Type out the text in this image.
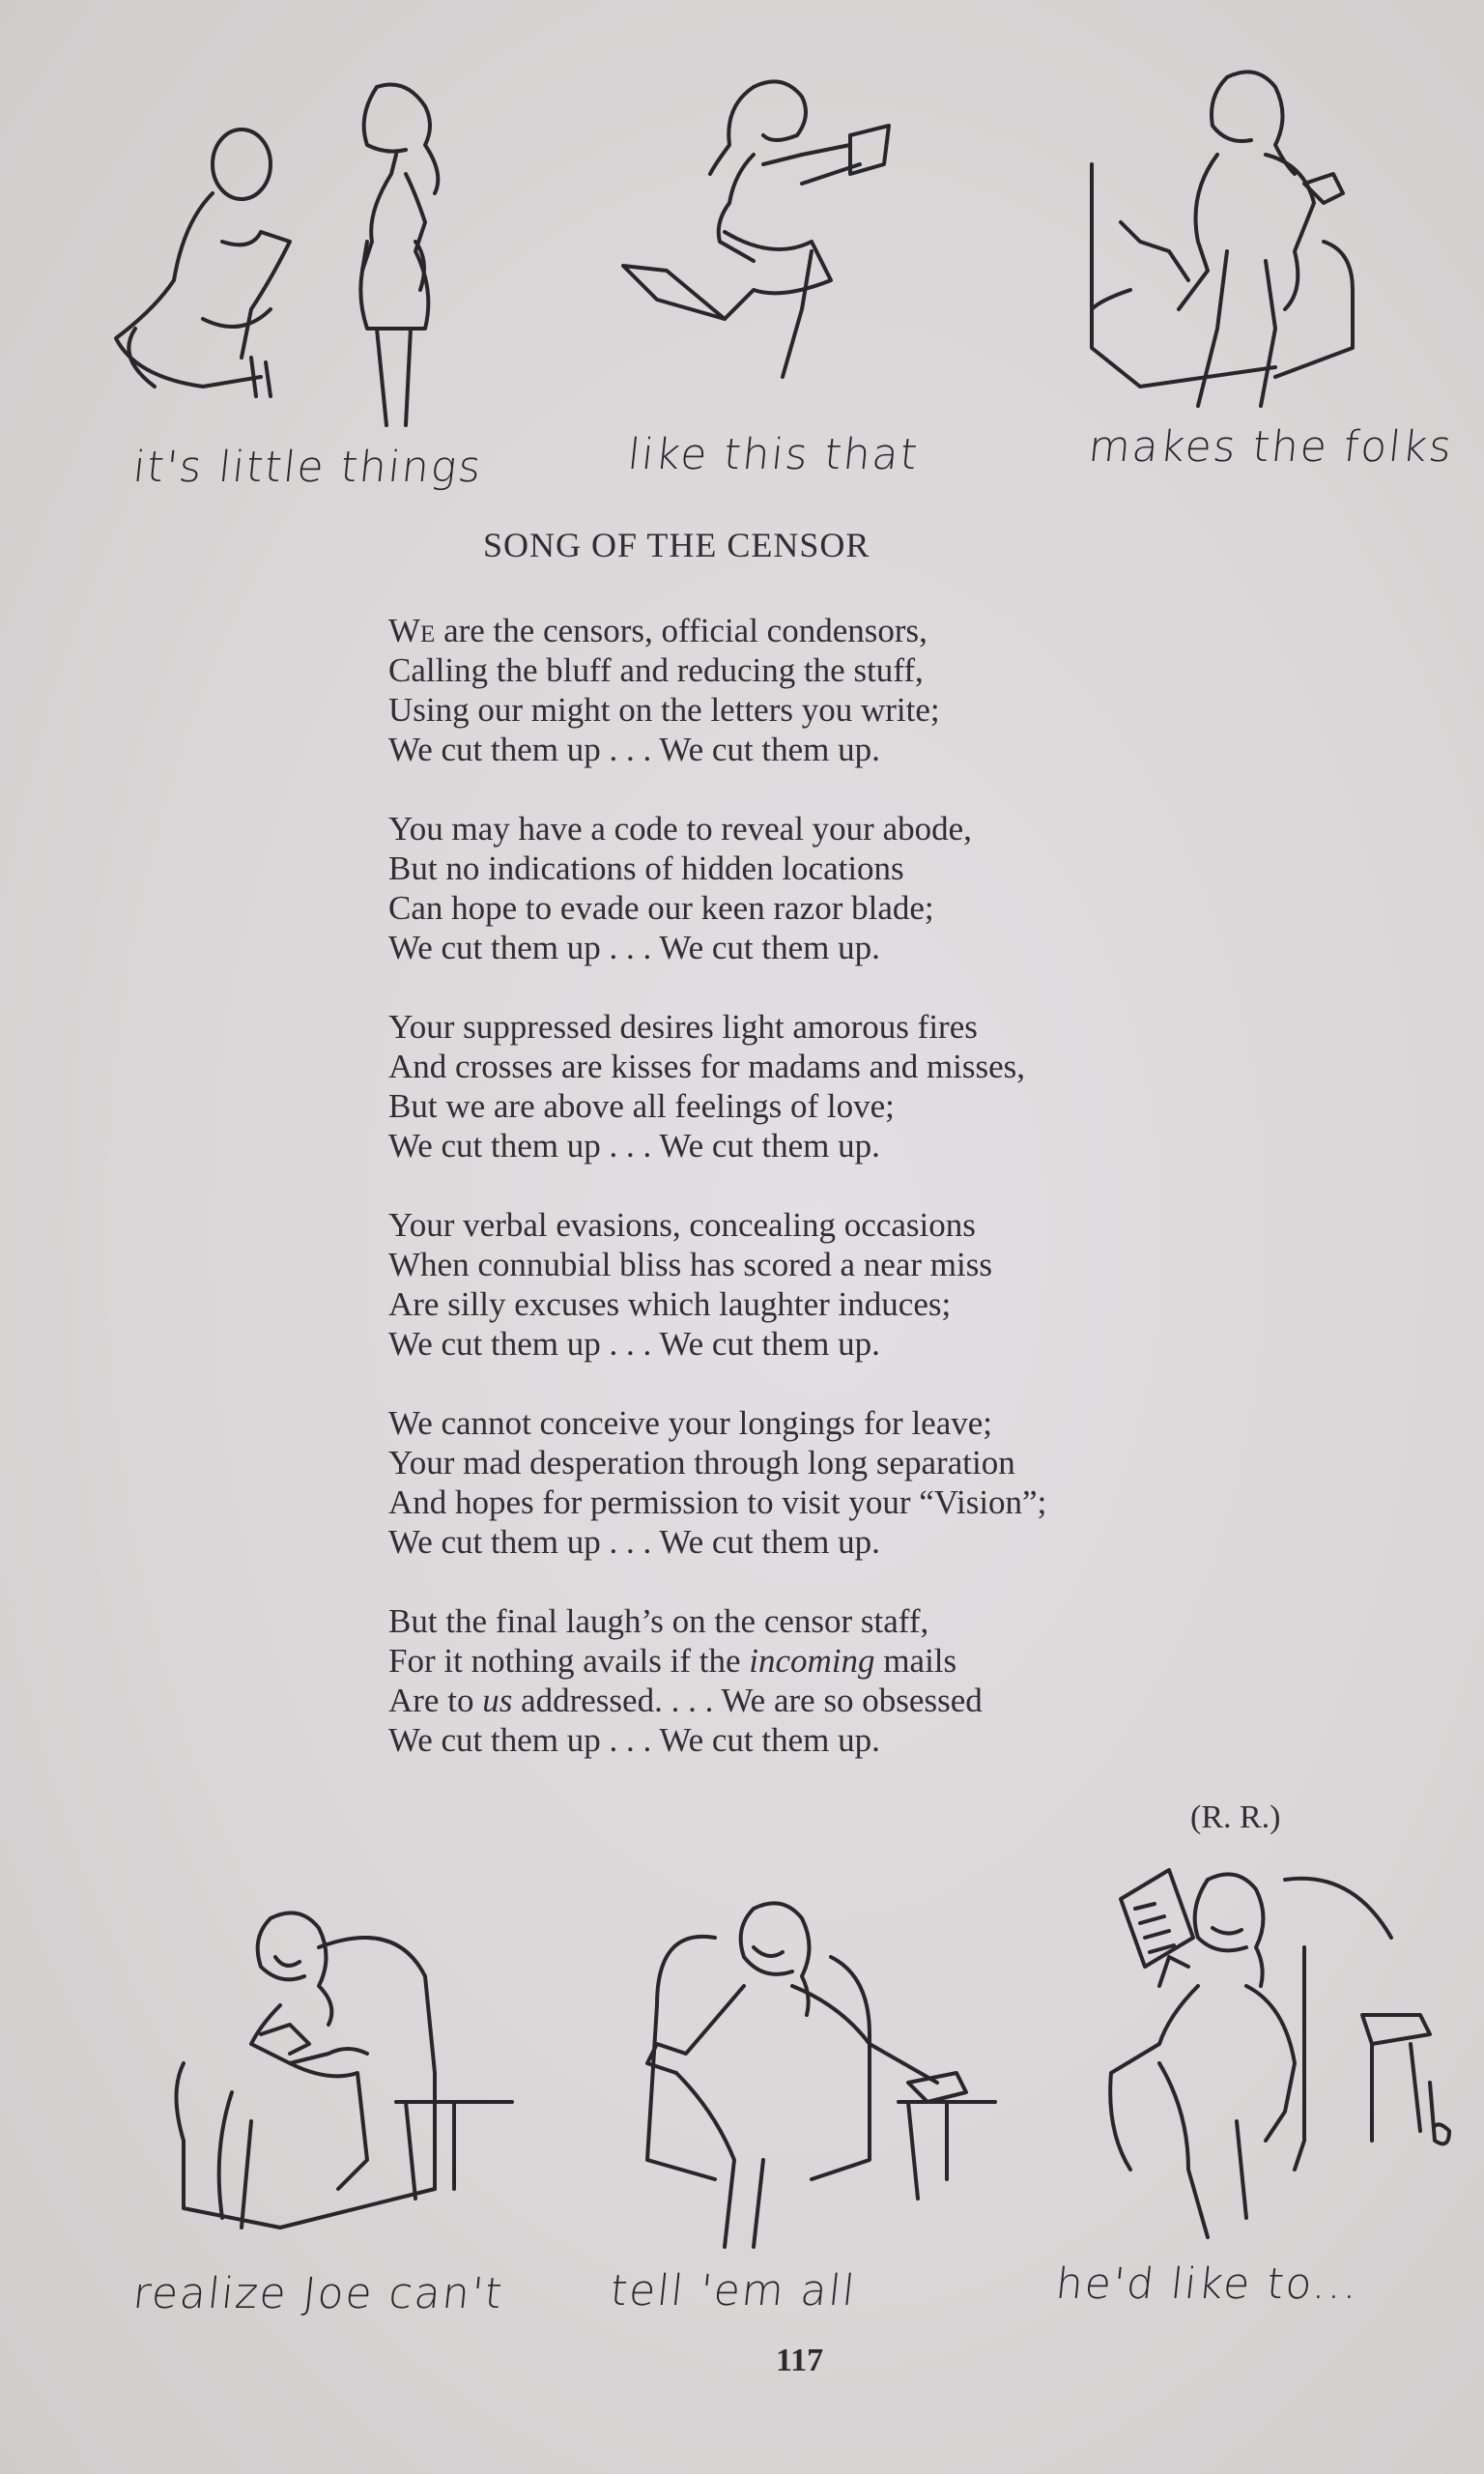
it's little things	like this that	makes the folks
SONG OF THE CENSOR
We are the censors, official condensors,
Calling the bluff and reducing the stuff,
Using our might on the letters you write;
We cut them up . . . We cut them up.
You may have a code to reveal your abode,
But no indications of hidden locations
Can hope to evade our keen razor blade;
We cut them up . . . We cut them up.
Your suppressed desires light amorous fires
And crosses are kisses for madams and misses,
But we are above all feelings of love;
We cut them up . . . We cut them up.
Your verbal evasions, concealing occasions
When connubial bliss has scored a near miss
Are silly excuses which laughter induces;
We cut them up . . . We cut them up.
We cannot conceive your longings for leave;
Your mad desperation through long separation
And hopes for permission to visit your “Vision”;
We cut them up . . . We cut them up.
But the final laugh’s on the censor staff,
For it nothing avails if the incoming mails
Are to us addressed. . . . We are so obsessed
We cut them up . . . We cut them up.
(R. R.)
realize Joe can't tell 'em all	he'd like to...
117
